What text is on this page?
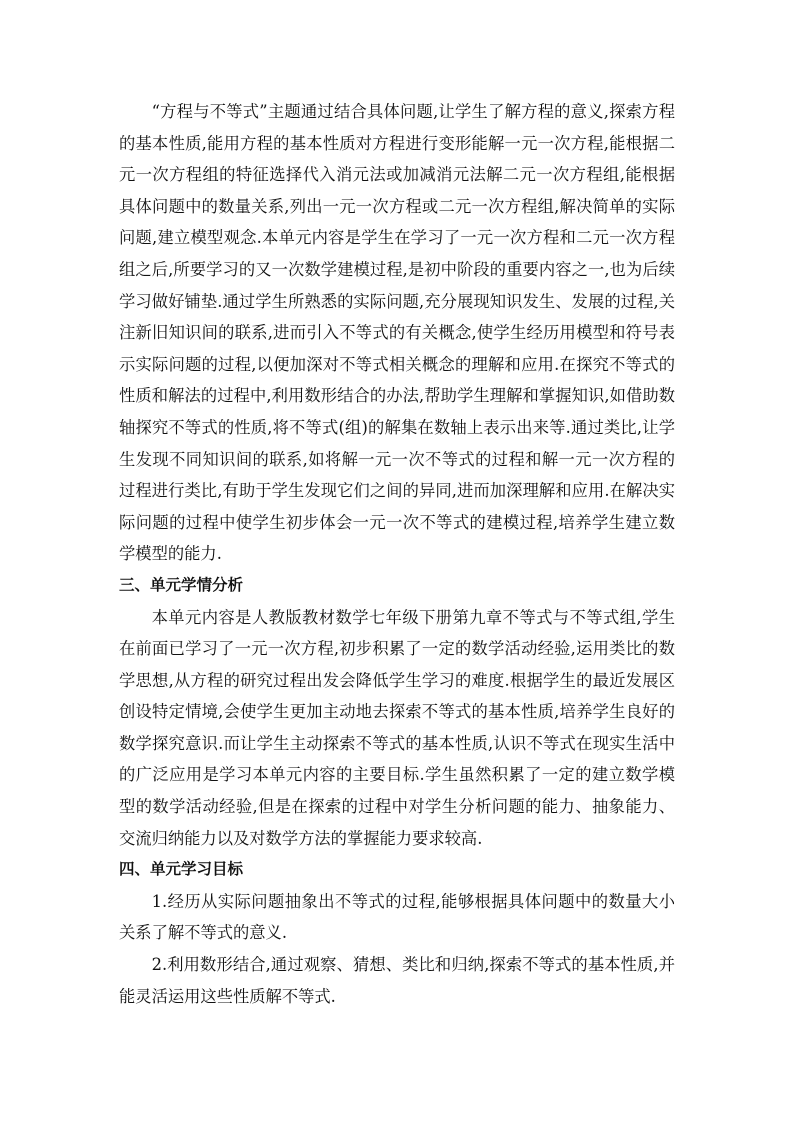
“方程与不等式”主题通过结合具体问题,让学生了解方程的意义,探索方程的基本性质,能用方程的基本性质对方程进行变形能解一元一次方程,能根据二元一次方程组的特征选择代入消元法或加减消元法解二元一次方程组,能根据具体问题中的数量关系,列出一元一次方程或二元一次方程组,解决简单的实际问题,建立模型观念.本单元内容是学生在学习了一元一次方程和二元一次方程组之后,所要学习的又一次数学建模过程,是初中阶段的重要内容之一,也为后续学习做好铺垫.通过学生所熟悉的实际问题,充分展现知识发生、发展的过程,关注新旧知识间的联系,进而引入不等式的有关概念,使学生经历用模型和符号表示实际问题的过程,以便加深对不等式相关概念的理解和应用.在探究不等式的性质和解法的过程中,利用数形结合的办法,帮助学生理解和掌握知识,如借助数轴探究不等式的性质,将不等式(组)的解集在数轴上表示出来等.通过类比,让学生发现不同知识间的联系,如将解一元一次不等式的过程和解一元一次方程的过程进行类比,有助于学生发现它们之间的异同,进而加深理解和应用.在解决实际问题的过程中使学生初步体会一元一次不等式的建模过程,培养学生建立数学模型的能力.

三、单元学情分析

本单元内容是人教版教材数学七年级下册第九章不等式与不等式组,学生在前面已学习了一元一次方程,初步积累了一定的数学活动经验,运用类比的数学思想,从方程的研究过程出发会降低学生学习的难度.根据学生的最近发展区创设特定情境,会使学生更加主动地去探索不等式的基本性质,培养学生良好的数学探究意识.而让学生主动探索不等式的基本性质,认识不等式在现实生活中的广泛应用是学习本单元内容的主要目标.学生虽然积累了一定的建立数学模型的数学活动经验,但是在探索的过程中对学生分析问题的能力、抽象能力、交流归纳能力以及对数学方法的掌握能力要求较高.

四、单元学习目标

1.经历从实际问题抽象出不等式的过程,能够根据具体问题中的数量大小关系了解不等式的意义.

2.利用数形结合,通过观察、猜想、类比和归纳,探索不等式的基本性质,并能灵活运用这些性质解不等式.
